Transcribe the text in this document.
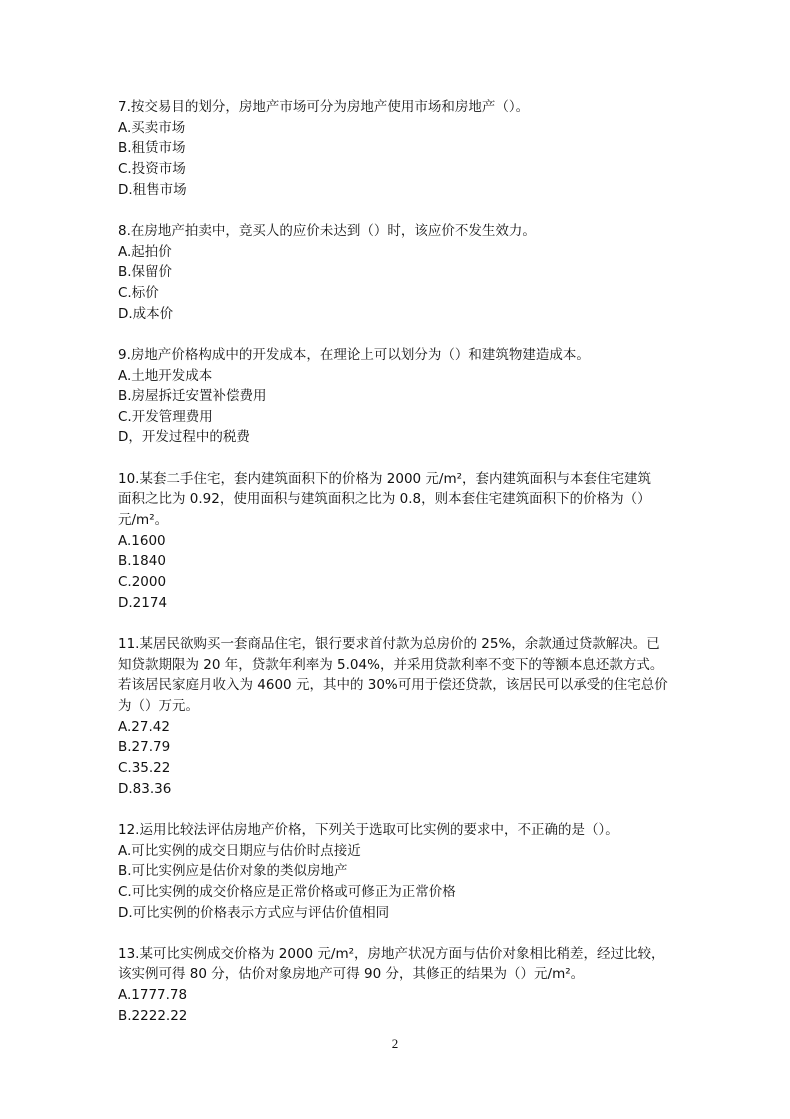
7.按交易目的划分，房地产市场可分为房地产使用市场和房地产（）。
A.买卖市场
B.租赁市场
C.投资市场
D.租售市场
8.在房地产拍卖中，竞买人的应价未达到（）时，该应价不发生效力。
A.起拍价
B.保留价
C.标价
D.成本价
9.房地产价格构成中的开发成本，在理论上可以划分为（）和建筑物建造成本。
A.土地开发成本
B.房屋拆迁安置补偿费用
C.开发管理费用
D，开发过程中的税费
10.某套二手住宅，套内建筑面积下的价格为 2000 元/m²，套内建筑面积与本套住宅建筑
面积之比为 0.92，使用面积与建筑面积之比为 0.8，则本套住宅建筑面积下的价格为（）
元/m²。
A.1600
B.1840
C.2000
D.2174
11.某居民欲购买一套商品住宅，银行要求首付款为总房价的 25%，余款通过贷款解决。已
知贷款期限为 20 年，贷款年利率为 5.04%，并采用贷款利率不变下的等额本息还款方式。
若该居民家庭月收入为 4600 元，其中的 30%可用于偿还贷款，该居民可以承受的住宅总价
为（）万元。
A.27.42
B.27.79
C.35.22
D.83.36
12.运用比较法评估房地产价格，下列关于选取可比实例的要求中，不正确的是（）。
A.可比实例的成交日期应与估价时点接近
B.可比实例应是估价对象的类似房地产
C.可比实例的成交价格应是正常价格或可修正为正常价格
D.可比实例的价格表示方式应与评估价值相同
13.某可比实例成交价格为 2000 元/m²，房地产状况方面与估价对象相比稍差，经过比较，
该实例可得 80 分，估价对象房地产可得 90 分，其修正的结果为（）元/m²。
A.1777.78
B.2222.22
2
